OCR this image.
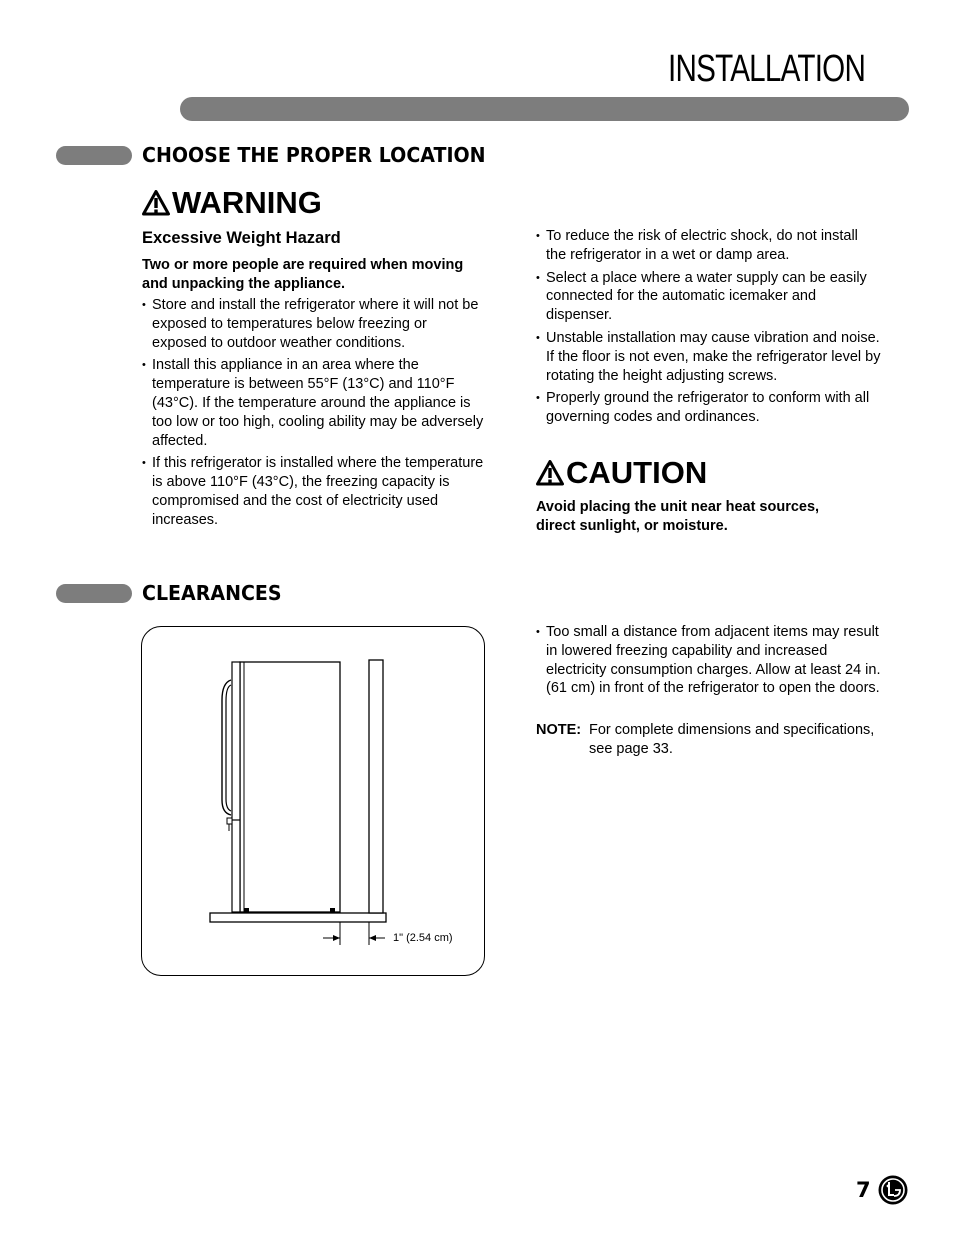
INSTALLATION
CHOOSE THE PROPER LOCATION
WARNING
Excessive Weight Hazard
Two or more people are required when moving and unpacking the appliance.
• Store and install the refrigerator where it will not be exposed to temperatures below freezing or exposed to outdoor weather conditions.
• Install this appliance in an area where the temperature is between 55°F (13°C) and 110°F (43°C). If the temperature around the appliance is too low or too high, cooling ability may be adversely affected.
• If this refrigerator is installed where the temperature is above 110°F (43°C), the freezing capacity is compromised and the cost of electricity used increases.
• To reduce the risk of electric shock, do not install the refrigerator in a wet or damp area.
• Select a place where a water supply can be easily connected for the automatic icemaker and dispenser.
• Unstable installation may cause vibration and noise. If the floor is not even, make the refrigerator level by rotating the height adjusting screws.
• Properly ground the refrigerator to conform with all governing codes and ordinances.
CAUTION
Avoid placing the unit near heat sources, direct sunlight, or moisture.
CLEARANCES
1" (2.54 cm)
• Too small a distance from adjacent items may result in lowered freezing capability and increased electricity consumption charges. Allow at least 24 in. (61 cm) in front of the refrigerator to open the doors.
NOTE: For complete dimensions and specifications, see page 33.
7
